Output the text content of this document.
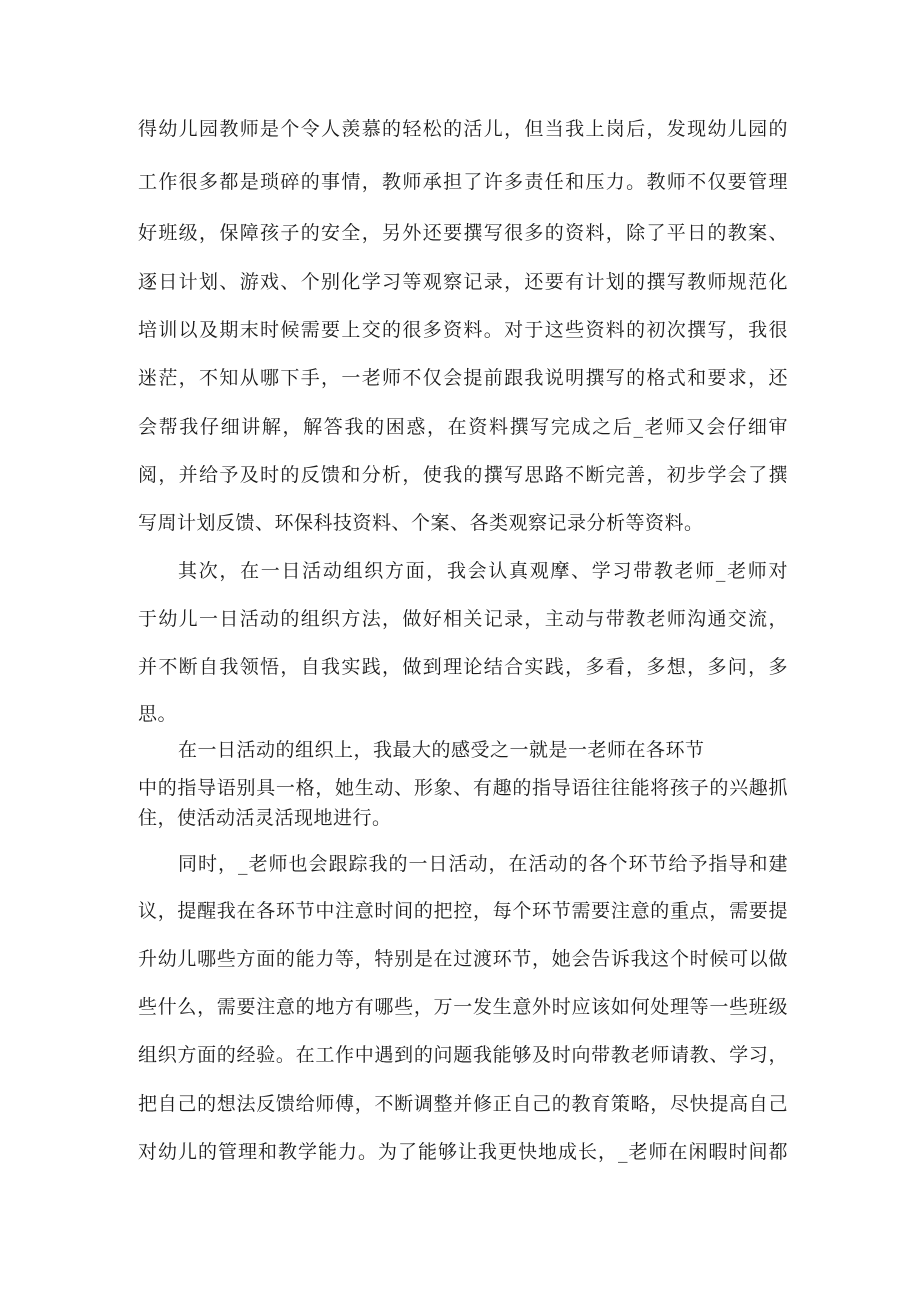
得幼儿园教师是个令人羡慕的轻松的活儿，但当我上岗后，发现幼儿园的
工作很多都是琐碎的事情，教师承担了许多责任和压力。教师不仅要管理
好班级，保障孩子的安全，另外还要撰写很多的资料，除了平日的教案、
逐日计划、游戏、个别化学习等观察记录，还要有计划的撰写教师规范化
培训以及期末时候需要上交的很多资料。对于这些资料的初次撰写，我很
迷茫，不知从哪下手，一老师不仅会提前跟我说明撰写的格式和要求，还
会帮我仔细讲解，解答我的困惑，在资料撰写完成之后_老师又会仔细审
阅，并给予及时的反馈和分析，使我的撰写思路不断完善，初步学会了撰
写周计划反馈、环保科技资料、个案、各类观察记录分析等资料。
其次，在一日活动组织方面，我会认真观摩、学习带教老师_老师对
于幼儿一日活动的组织方法，做好相关记录，主动与带教老师沟通交流，
并不断自我领悟，自我实践，做到理论结合实践，多看，多想，多问，多
思。
在一日活动的组织上，我最大的感受之一就是一老师在各环节
中的指导语别具一格，她生动、形象、有趣的指导语往往能将孩子的兴趣抓
住，使活动活灵活现地进行。
同时，_老师也会跟踪我的一日活动，在活动的各个环节给予指导和建
议，提醒我在各环节中注意时间的把控，每个环节需要注意的重点，需要提
升幼儿哪些方面的能力等，特别是在过渡环节，她会告诉我这个时候可以做
些什么，需要注意的地方有哪些，万一发生意外时应该如何处理等一些班级
组织方面的经验。在工作中遇到的问题我能够及时向带教老师请教、学习，
把自己的想法反馈给师傅，不断调整并修正自己的教育策略，尽快提高自己
对幼儿的管理和教学能力。为了能够让我更快地成长，_老师在闲暇时间都
